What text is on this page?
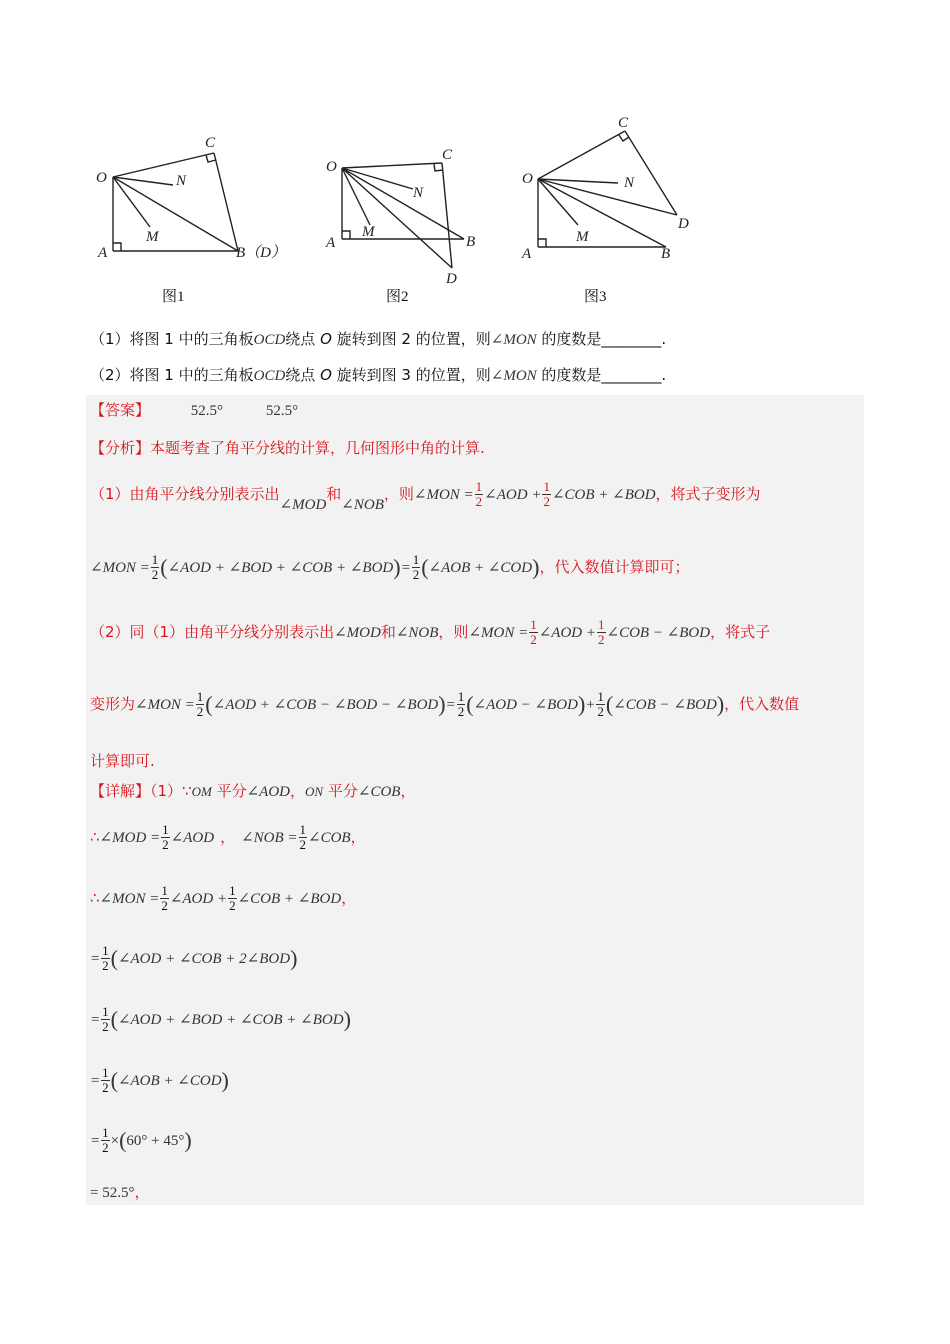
O
C
N
M
A	B（D）
O
C
N
M
A	B
D
O
C
N
D
M
A	B
图1	图2	图3
（1）将图 1 中的三角板OCD绕点 O 旋转到图 2 的位置，则∠MON 的度数是________.
（2）将图 1 中的三角板OCD绕点 O 旋转到图 3 的位置，则∠MON 的度数是________.
【答案】	52.5°	52.5°
【分析】本题考查了角平分线的计算，几何图形中角的计算.
（1）由角平分线分别表示出∠MOD和∠NOB，则∠MON = $\frac{1}{2}$ ∠AOD + $\frac{1}{2}$ ∠COB + ∠BOD，将式子变形为
∠MON = $\frac{1}{2}$ (∠AOD + ∠BOD + ∠COB + ∠BOD)= $\frac{1}{2}$ (∠AOB + ∠COD)，代入数值计算即可；
（2）同（1）由角平分线分别表示出∠MOD和∠NOB，则∠MON = $\frac{1}{2}$ ∠AOD + $\frac{1}{2}$ ∠COB − ∠BOD，将式子
变形为∠MON = $\frac{1}{2}$ (∠AOD + ∠COB − ∠BOD − ∠BOD)= $\frac{1}{2}$ (∠AOD − ∠BOD)+ $\frac{1}{2}$ (∠COB − ∠BOD)，代入数值
计算即可.
【详解】（1）∵OM 平分∠AOD，ON 平分∠COB，
∴∠MOD = $\frac{1}{2}$ ∠AOD ， ∠NOB = $\frac{1}{2}$ ∠COB，
∴∠MON = $\frac{1}{2}$ ∠AOD + $\frac{1}{2}$ ∠COB + ∠BOD，
= $\frac{1}{2}$ (∠AOD + ∠COB + 2∠BOD)
= $\frac{1}{2}$ (∠AOD + ∠BOD + ∠COB + ∠BOD)
= $\frac{1}{2}$ (∠AOB + ∠COD)
= $\frac{1}{2} \times(60^\circ + 45^\circ)$
= 52.5°，
